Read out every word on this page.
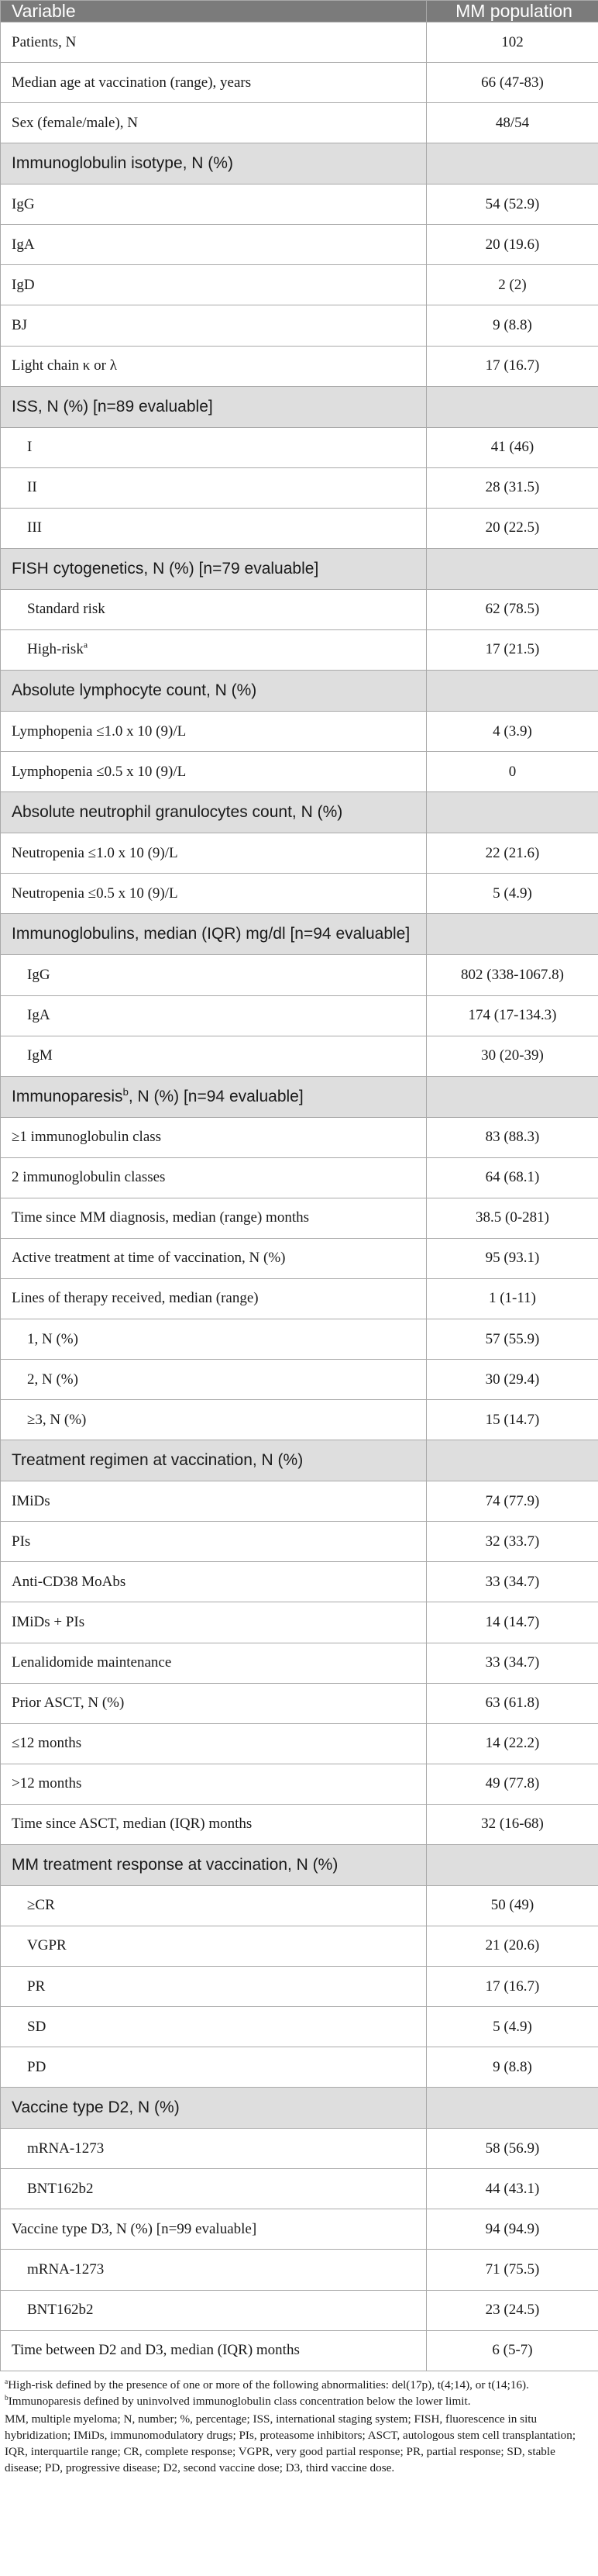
Variable	MM population
Patients, N	102
Median age at vaccination (range), years	66 (47-83)
Sex (female/male), N	48/54
Immunoglobulin isotype, N (%)	
IgG	54 (52.9)
IgA	20 (19.6)
IgD	2 (2)
BJ	9 (8.8)
Light chain κ or λ	17 (16.7)
ISS, N (%) [n=89 evaluable]	
I	41 (46)
II	28 (31.5)
III	20 (22.5)
FISH cytogenetics, N (%) [n=79 evaluable]	
Standard risk	62 (78.5)
High-risk$^a$	17 (21.5)
Absolute lymphocyte count, N (%)	
Lymphopenia ≤1.0 x 10 (9)/L	4 (3.9)
Lymphopenia ≤0.5 x 10 (9)/L	0
Absolute neutrophil granulocytes count, N (%)	
Neutropenia ≤1.0 x 10 (9)/L	22 (21.6)
Neutropenia ≤0.5 x 10 (9)/L	5 (4.9)
Immunoglobulins, median (IQR) mg/dl [n=94 evaluable]	
IgG	802 (338-1067.8)
IgA	174 (17-134.3)
IgM	30 (20-39)
Immunoparesis$^b$, N (%) [n=94 evaluable]	
≥1 immunoglobulin class	83 (88.3)
2 immunoglobulin classes	64 (68.1)
Time since MM diagnosis, median (range) months	38.5 (0-281)
Active treatment at time of vaccination, N (%)	95 (93.1)
Lines of therapy received, median (range)	1 (1-11)
1, N (%)	57 (55.9)
2, N (%)	30 (29.4)
≥3, N (%)	15 (14.7)
Treatment regimen at vaccination, N (%)	
IMiDs	74 (77.9)
PIs	32 (33.7)
Anti-CD38 MoAbs	33 (34.7)
IMiDs + PIs	14 (14.7)
Lenalidomide maintenance	33 (34.7)
Prior ASCT, N (%)	63 (61.8)
≤12 months	14 (22.2)
>12 months	49 (77.8)
Time since ASCT, median (IQR) months	32 (16-68)
MM treatment response at vaccination, N (%)	
≥CR	50 (49)
VGPR	21 (20.6)
PR	17 (16.7)
SD	5 (4.9)
PD	9 (8.8)
Vaccine type D2, N (%)	
mRNA-1273	58 (56.9)
BNT162b2	44 (43.1)
Vaccine type D3, N (%) [n=99 evaluable]	94 (94.9)
mRNA-1273	71 (75.5)
BNT162b2	23 (24.5)
Time between D2 and D3, median (IQR) months	6 (5-7)

$^a$High-risk defined by the presence of one or more of the following abnormalities: del(17p), t(4;14), or t(14;16).

$^b$Immunoparesis defined by uninvolved immunoglobulin class concentration below the lower limit.

MM, multiple myeloma; N, number; %, percentage; ISS, international staging system; FISH, fluorescence in situ hybridization; IMiDs, immunomodulatory drugs; PIs, proteasome inhibitors; ASCT, autologous stem cell transplantation; IQR, interquartile range; CR, complete response; VGPR, very good partial response; PR, partial response; SD, stable disease; PD, progressive disease; D2, second vaccine dose; D3, third vaccine dose.
